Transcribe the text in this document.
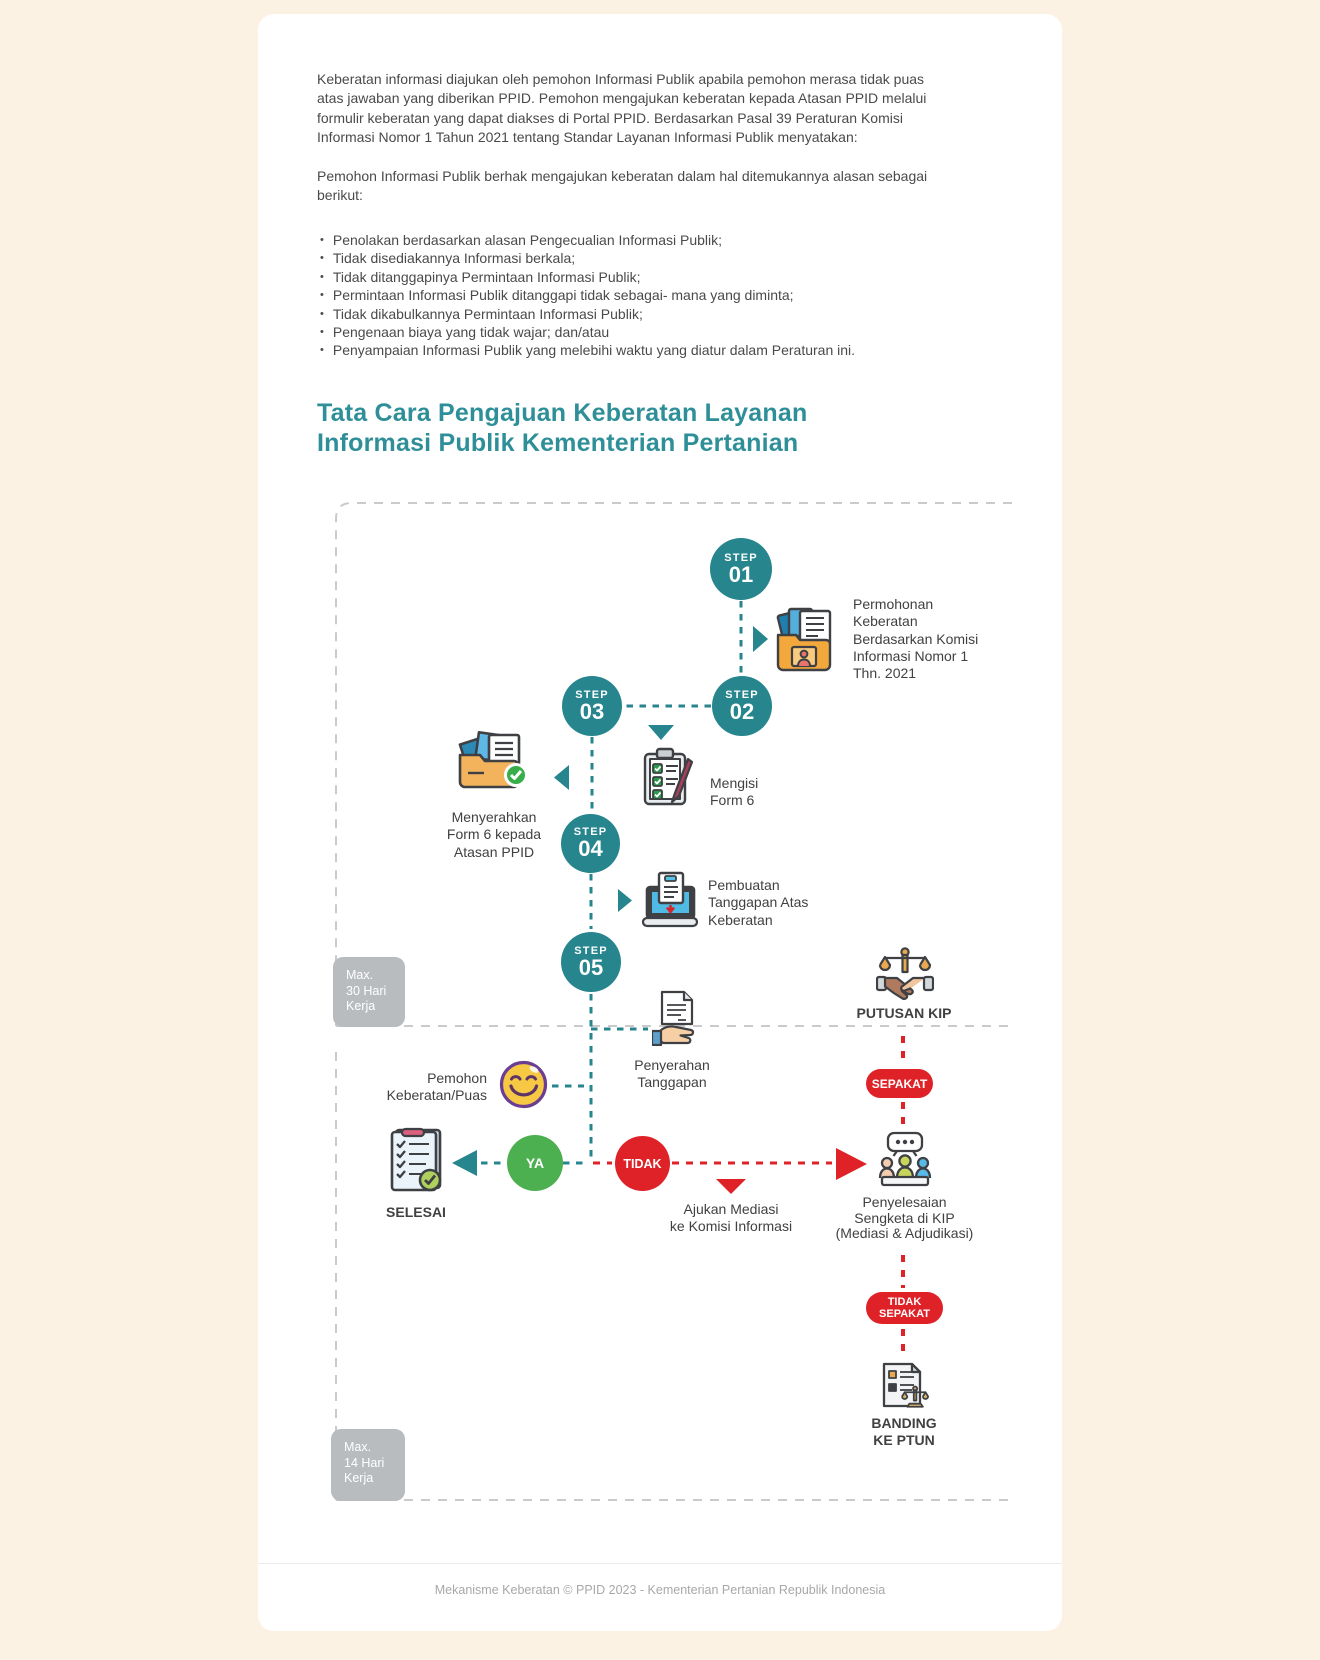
Keberatan informasi diajukan oleh pemohon Informasi Publik apabila pemohon merasa tidak puas
atas jawaban yang diberikan PPID. Pemohon mengajukan keberatan kepada Atasan PPID melalui
formulir keberatan yang dapat diakses di Portal PPID. Berdasarkan Pasal 39 Peraturan Komisi
Informasi Nomor 1 Tahun 2021 tentang Standar Layanan Informasi Publik menyatakan:
Pemohon Informasi Publik berhak mengajukan keberatan dalam hal ditemukannya alasan sebagai
berikut:
• Penolakan berdasarkan alasan Pengecualian Informasi Publik;
• Tidak disediakannya Informasi berkala;
• Tidak ditanggapinya Permintaan Informasi Publik;
• Permintaan Informasi Publik ditanggapi tidak sebagai- mana yang diminta;
• Tidak dikabulkannya Permintaan Informasi Publik;
• Pengenaan biaya yang tidak wajar; dan/atau
• Penyampaian Informasi Publik yang melebihi waktu yang diatur dalam Peraturan ini.
Tata Cara Pengajuan Keberatan Layanan
Informasi Publik Kementerian Pertanian
STEP
01
STEP
02
STEP
03
STEP
04
STEP
05
YA	TIDAK
SEPAKAT
TIDAK
SEPAKAT
Max.
30 Hari
Kerja
Max.
14 Hari
Kerja
Permohonan
Keberatan
Berdasarkan Komisi
Informasi Nomor 1
Thn. 2021
Mengisi
Form 6
Menyerahkan
Form 6 kepada
Atasan PPID
Pembuatan
Tanggapan Atas
Keberatan
Penyerahan
Tanggapan
Pemohon
Keberatan/Puas
SELESAI	Ajukan Mediasi
ke Komisi Informasi
PUTUSAN KIP
Penyelesaian
Sengketa di KIP
(Mediasi & Adjudikasi)
BANDING
KE PTUN
Mekanisme Keberatan © PPID 2023 - Kementerian Pertanian Republik Indonesia
